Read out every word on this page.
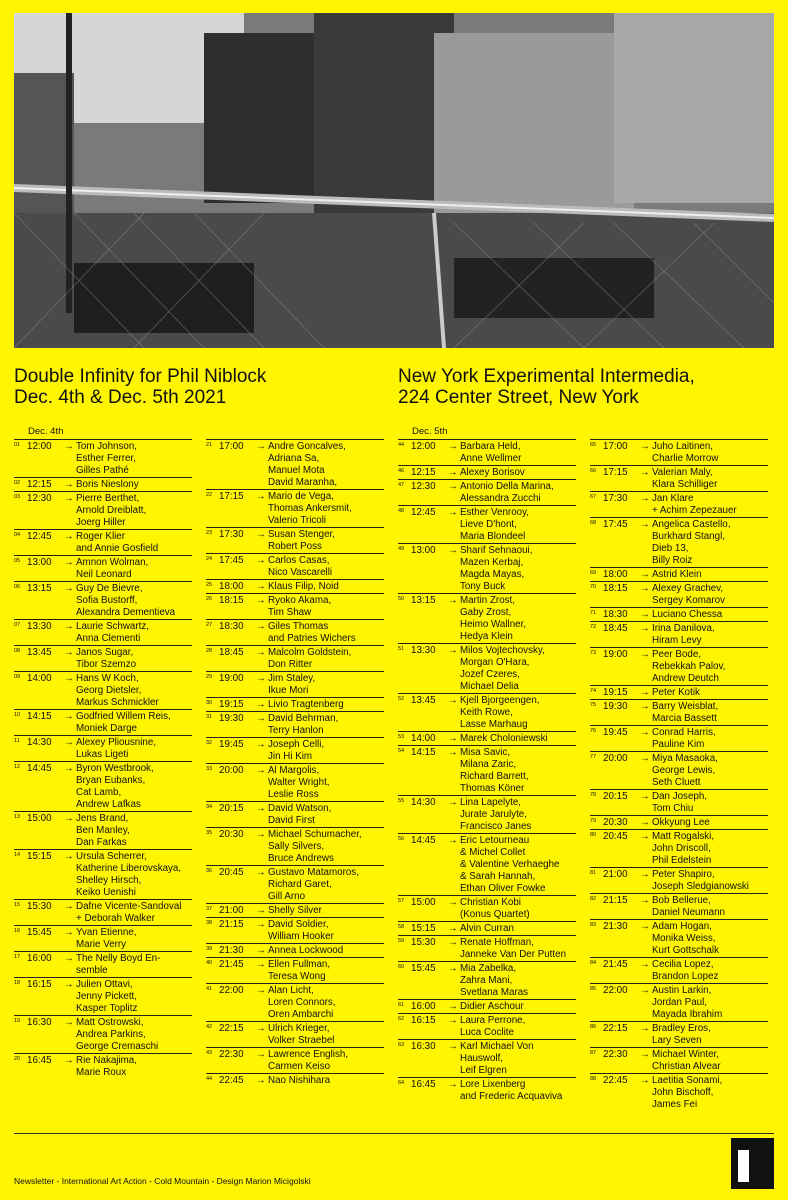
Double Infinity for Phil Niblock
Dec. 4th & Dec. 5th 2021
New York Experimental Intermedia,
224 Center Street, New York
Dec. 4th
01 12:00 → Tom Johnson,
Esther Ferrer,
Gilles Pathé
02 12:15 → Boris Nieslony
03 12:30 → Pierre Berthet,
Arnold Dreiblatt,
Joerg Hiller
04 12:45 → Roger Klier
and Annie Gosfield
05 13:00 → Amnon Wolman,
Neil Leonard
06 13:15 → Guy De Bievre,
Sofia Bustorff,
Alexandra Dementieva
07 13:30 → Laurie Schwartz,
Anna Clementi
08 13:45 → Janos Sugar,
Tibor Szemzo
09 14:00 → Hans W Koch,
Georg Dietsler,
Markus Schmickler
10 14:15 → Godfried Willem Reis,
Moniek Darge
11 14:30 → Alexey Pliousnine,
Lukas Ligeti
12 14:45 → Byron Westbrook,
Bryan Eubanks,
Cat Lamb,
Andrew Lafkas
13 15:00 → Jens Brand,
Ben Manley,
Dan Farkas
14 15:15 → Ursula Scherrer,
Katherine Liberovskaya,
Shelley Hirsch,
Keiko Uenishi
15 15:30 → Dafne Vicente-Sandoval
+ Deborah Walker
16 15:45 → Yvan Etienne,
Marie Verry
17 16:00 → The Nelly Boyd En-
semble
18 16:15 → Julien Ottavi,
Jenny Pickett,
Kasper Toplitz
19 16:30 → Matt Ostrowski,
Andrea Parkins,
George Cremaschi
20 16:45 → Rie Nakajima,
Marie Roux
21 17:00 → Andre Goncalves,
Adriana Sa,
Manuel Mota
David Maranha,
22 17:15 → Mario de Vega,
Thomas Ankersmit,
Valerio Tricoli
23 17:30 → Susan Stenger,
Robert Poss
24 17:45 → Carlos Casas,
Nico Vascarelli
25 18:00 → Klaus Filip, Noid
26 18:15 → Ryoko Akama,
Tim Shaw
27 18:30 → Giles Thomas
and Patries Wichers
28 18:45 → Malcolm Goldstein,
Don Ritter
29 19:00 → Jim Staley,
Ikue Mori
30 19:15 → Livio Tragtenberg
31 19:30 → David Behrman,
Terry Hanlon
32 19:45 → Joseph Celli,
Jin Hi Kim
33 20:00 → Al Margolis,
Walter Wright,
Leslie Ross
34 20:15 → David Watson,
David First
35 20:30 → Michael Schumacher,
Sally Silvers,
Bruce Andrews
36 20:45 → Gustavo Matamoros,
Richard Garet,
Gill Arno
37 21:00 → Shelly Silver
38 21:15 → David Soldier,
William Hooker
39 21:30 → Annea Lockwood
40 21:45 → Ellen Fullman,
Teresa Wong
41 22:00 → Alan Licht,
Loren Connors,
Oren Ambarchi
42 22:15 → Ulrich Krieger,
Volker Straebel
43 22:30 → Lawrence English,
Carmen Keiso
44 22:45 → Nao Nishihara
Dec. 5th
44 12:00 → Barbara Held,
Anne Wellmer
46 12:15 → Alexey Borisov
47 12:30 → Antonio Della Marina,
Alessandra Zucchi
48 12:45 → Esther Venrooy,
Lieve D'hont,
Maria Blondeel
49 13:00 → Sharif Sehnaoui,
Mazen Kerbaj,
Magda Mayas,
Tony Buck
50 13:15 → Martin Zrost,
Gaby Zrost,
Heimo Wallner,
Hedya Klein
51 13:30 → Milos Vojtechovsky,
Morgan O'Hara,
Jozef Czeres,
Michael Delia
52 13:45 → Kjell Bjorgeengen,
Keith Rowe,
Lasse Marhaug
53 14:00 → Marek Choloniewski
54 14:15 → Misa Savic,
Milana Zaric,
Richard Barrett,
Thomas Köner
55 14:30 → Lina Lapelyte,
Jurate Jarulyte,
Francisco Janes
56 14:45 → Eric Letourneau
& Michel Collet
& Valentine Verhaeghe
& Sarah Hannah,
Ethan Oliver Fowke
57 15:00 → Christian Kobi
(Konus Quartet)
58 15:15 → Alvin Curran
59 15:30 → Renate Hoffman,
Janneke Van Der Putten
60 15:45 → Mia Zabelka,
Zahra Mani,
Svetlana Maras
61 16:00 → Didier Aschour
62 16:15 → Laura Perrone,
Luca Coclite
63 16:30 → Karl Michael Von
Hauswolf,
Leif Elgren
64 16:45 → Lore Lixenberg
and Frederic Acquaviva
65 17:00 → Juho Laitinen,
Charlie Morrow
66 17:15 → Valerian Maly,
Klara Schilliger
67 17:30 → Jan Klare
+ Achim Zepezauer
68 17:45 → Angelica Castello,
Burkhard Stangl,
Dieb 13,
Billy Roiz
69 18:00 → Astrid Klein
70 18:15 → Alexey Grachev,
Sergey Komarov
71 18:30 → Luciano Chessa
72 18:45 → Irina Danilova,
Hiram Levy
73 19:00 → Peer Bode,
Rebekkah Palov,
Andrew Deutch
74 19:15 → Peter Kotik
75 19:30 → Barry Weisblat,
Marcia Bassett
76 19:45 → Conrad Harris,
Pauline Kim
77 20:00 → Miya Masaoka,
George Lewis,
Seth Cluett
78 20:15 → Dan Joseph,
Tom Chiu
79 20:30 → Okkyung Lee
80 20:45 → Matt Rogalski,
John Driscoll,
Phil Edelstein
81 21:00 → Peter Shapiro,
Joseph Sledgianowski
82 21:15 → Bob Bellerue,
Daniel Neumann
83 21:30 → Adam Hogan,
Monika Weiss,
Kurt Gottschalk
84 21:45 → Cecilia Lopez,
Brandon Lopez
85 22:00 → Austin Larkin,
Jordan Paul,
Mayada Ibrahim
86 22:15 → Bradley Eros,
Lary Seven
87 22:30 → Michael Winter,
Christian Alvear
88 22:45 → Laetitia Sonami,
John Bischoff,
James Fei
Newsletter - International Art Action - Cold Mountain - Design Marion Micigolski
